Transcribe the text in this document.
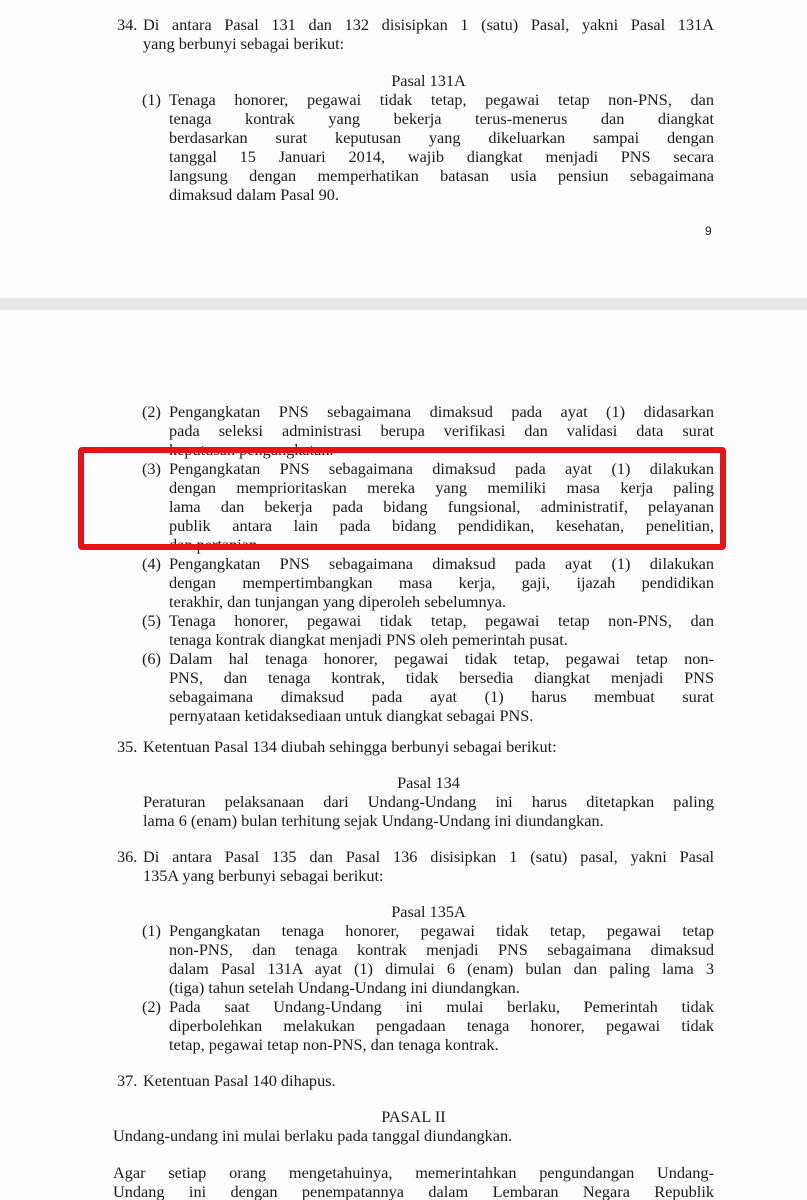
34. Di antara Pasal 131 dan 132 disisipkan 1 (satu) Pasal, yakni Pasal 131A
yang berbunyi sebagai berikut:
Pasal 131A
(1) Tenaga honorer, pegawai tidak tetap, pegawai tetap non-PNS, dan
tenaga kontrak yang bekerja terus-menerus dan diangkat
berdasarkan surat keputusan yang dikeluarkan sampai dengan
tanggal 15 Januari 2014, wajib diangkat menjadi PNS secara
langsung dengan memperhatikan batasan usia pensiun sebagaimana
dimaksud dalam Pasal 90.
9
(2) Pengangkatan PNS sebagaimana dimaksud pada ayat (1) didasarkan
pada seleksi administrasi berupa verifikasi dan validasi data surat
keputusan pengangkatan.
(3) Pengangkatan PNS sebagaimana dimaksud pada ayat (1) dilakukan
dengan memprioritaskan mereka yang memiliki masa kerja paling
lama dan bekerja pada bidang fungsional, administratif, pelayanan
publik antara lain pada bidang pendidikan, kesehatan, penelitian,
dan pertanian.
(4) Pengangkatan PNS sebagaimana dimaksud pada ayat (1) dilakukan
dengan mempertimbangkan masa kerja, gaji, ijazah pendidikan
terakhir, dan tunjangan yang diperoleh sebelumnya.
(5) Tenaga honorer, pegawai tidak tetap, pegawai tetap non-PNS, dan
tenaga kontrak diangkat menjadi PNS oleh pemerintah pusat.
(6) Dalam hal tenaga honorer, pegawai tidak tetap, pegawai tetap non-
PNS, dan tenaga kontrak, tidak bersedia diangkat menjadi PNS
sebagaimana dimaksud pada ayat (1) harus membuat surat
pernyataan ketidaksediaan untuk diangkat sebagai PNS.
35. Ketentuan Pasal 134 diubah sehingga berbunyi sebagai berikut:
Pasal 134
Peraturan pelaksanaan dari Undang-Undang ini harus ditetapkan paling
lama 6 (enam) bulan terhitung sejak Undang-Undang ini diundangkan.
36. Di antara Pasal 135 dan Pasal 136 disisipkan 1 (satu) pasal, yakni Pasal
135A yang berbunyi sebagai berikut:
Pasal 135A
(1) Pengangkatan tenaga honorer, pegawai tidak tetap, pegawai tetap
non-PNS, dan tenaga kontrak menjadi PNS sebagaimana dimaksud
dalam Pasal 131A ayat (1) dimulai 6 (enam) bulan dan paling lama 3
(tiga) tahun setelah Undang-Undang ini diundangkan.
(2) Pada saat Undang-Undang ini mulai berlaku, Pemerintah tidak
diperbolehkan melakukan pengadaan tenaga honorer, pegawai tidak
tetap, pegawai tetap non-PNS, dan tenaga kontrak.
37. Ketentuan Pasal 140 dihapus.
PASAL II
Undang-undang ini mulai berlaku pada tanggal diundangkan.
Agar setiap orang mengetahuinya, memerintahkan pengundangan Undang-
Undang ini dengan penempatannya dalam Lembaran Negara Republik
